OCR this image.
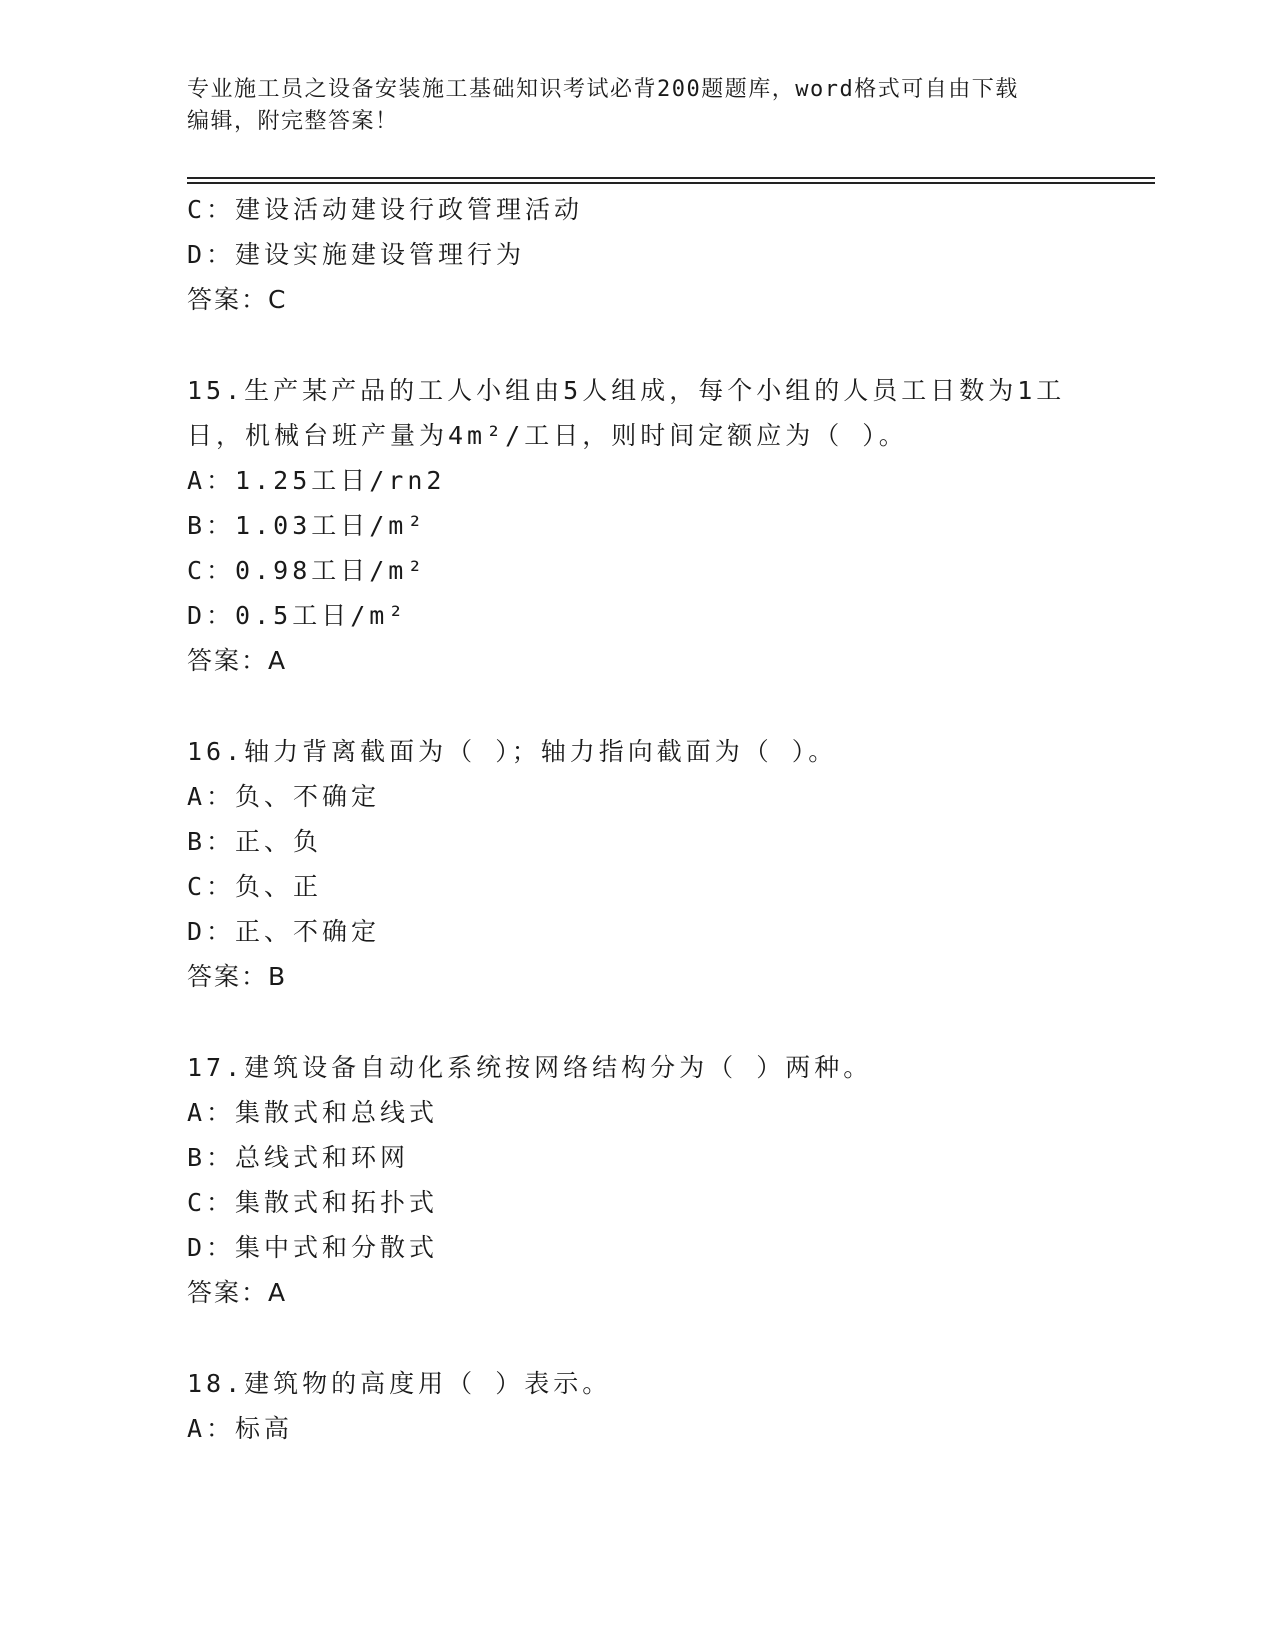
专业施工员之设备安装施工基础知识考试必背200题题库，word格式可自由下载
编辑，附完整答案！
C：建设活动建设行政管理活动
D：建设实施建设管理行为
答案：C
15.生产某产品的工人小组由5人组成，每个小组的人员工日数为1工
日，机械台班产量为4m²/工日，则时间定额应为（ ）。
A：1.25工日/rn2
B：1.03工日/m²
C：0.98工日/m²
D：0.5工日/m²
答案：A
16.轴力背离截面为（ ）；轴力指向截面为（ ）。
A：负、不确定
B：正、负
C：负、正
D：正、不确定
答案：B
17.建筑设备自动化系统按网络结构分为（ ）两种。
A：集散式和总线式
B：总线式和环网
C：集散式和拓扑式
D：集中式和分散式
答案：A
18.建筑物的高度用（ ）表示。
A：标高
